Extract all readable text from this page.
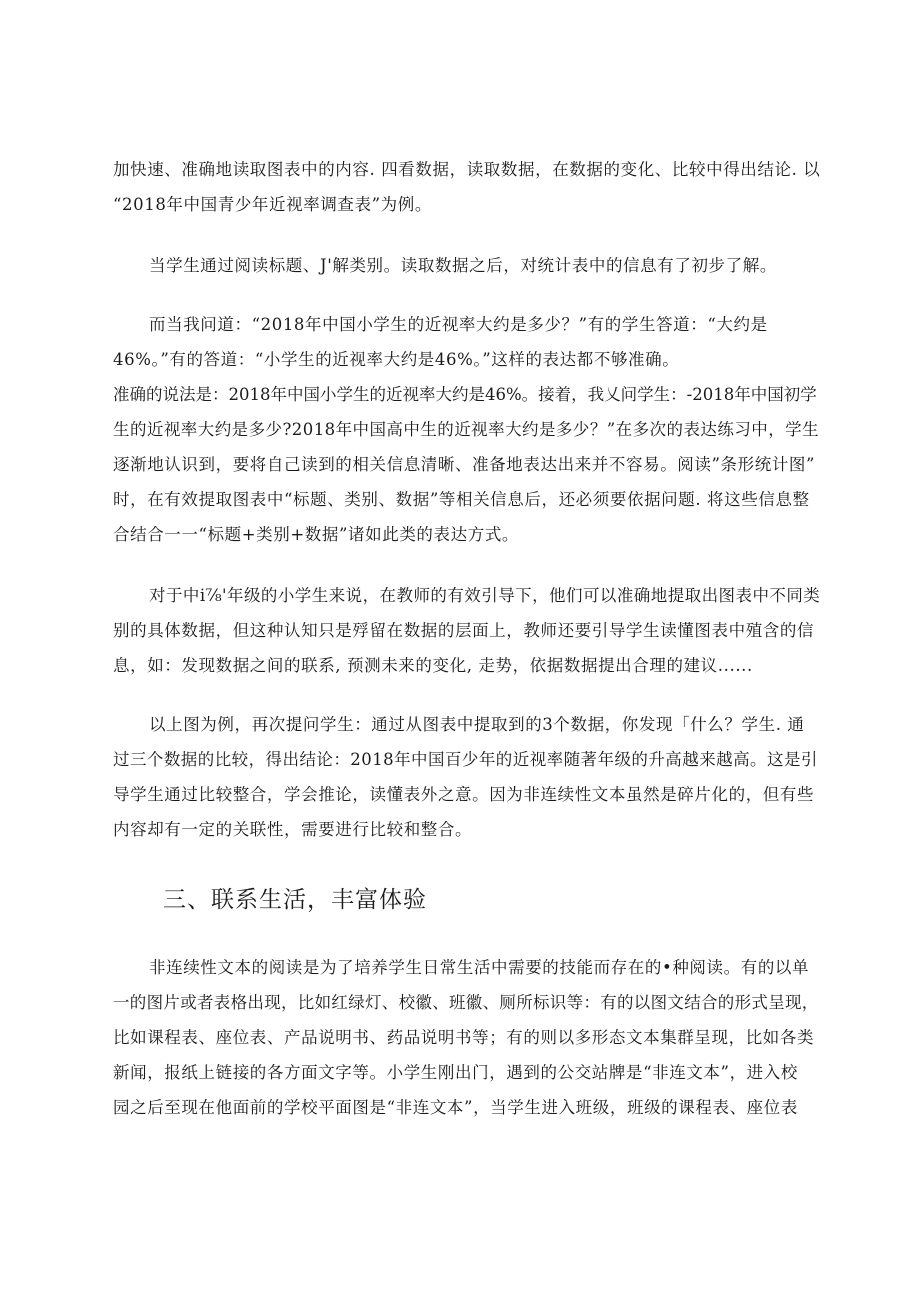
加快速、准确地读取图表中的内容. 四看数据，读取数据，在数据的变化、比较中得出结论. 以
“2018年中国青少年近视率调查表”为例。
当学生通过阅读标题、J'解类别。读取数据之后，对统计表中的信息有了初步了解。
而当我问道：“2018年中国小学生的近视率大约是多少？”有的学生答道：“大约是
46%。”有的答道：“小学生的近视率大约是46%。”这样的表达都不够准确。
准确的说法是：2018年中国小学生的近视率大约是46%。接着，我乂问学生：-2018年中国初学
生的近视率大约是多少?2018年中国高中生的近视率大约是多少？”在多次的表达练习中，学生
逐渐地认识到，要将自己读到的相关信息清晰、准备地表达出来并不容易。阅读”条形统计图”
时，在有效提取图表中“标题、类别、数据”等相关信息后，还必须要依据问题. 将这些信息整
合结合一一“标题+类别+数据”诸如此类的表达方式。
对于中i⅞'年级的小学生来说，在教师的有效引导下，他们可以准确地提取出图表中不同类
别的具体数据，但这种认知只是殍留在数据的层面上，教师还要引导学生读懂图表中殖含的信
息，如：发现数据之间的联系, 预测未来的变化, 走势，依据数据提出合理的建议......
以上图为例，再次提问学生：通过从图表中提取到的3个数据，你发现「什么？学生. 通
过三个数据的比较，得出结论：2018年中国百少年的近视率随著年级的升高越来越高。这是引
导学生通过比较整合，学会推论，读懂表外之意。因为非连续性文本虽然是碎片化的，但有些
内容却有一定的关联性，需要进行比较和整合。
三、联系生活，丰富体验
非连续性文本的阅读是为了培养学生日常生活中需要的技能而存在的•种阅读。有的以单
一的图片或者表格出现，比如红绿灯、校徽、班徽、厕所标识等：有的以图文结合的形式呈现，
比如课程表、座位表、产品说明书、药品说明书等；有的则以多形态文本集群呈现，比如各类
新闻，报纸上链接的各方面文字等。小学生刚出门，遇到的公交站牌是“非连文本”，进入校
园之后至现在他面前的学校平面图是“非连文本”，当学生进入班级，班级的课程表、座位表
